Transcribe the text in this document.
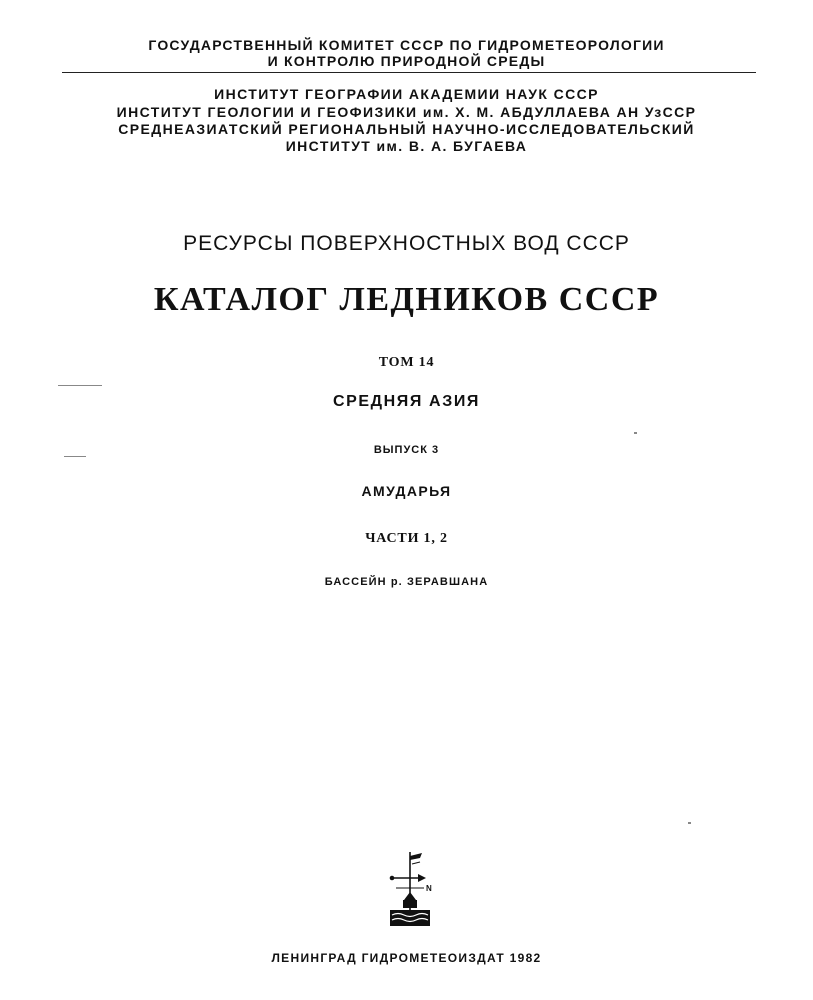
ГОСУДАРСТВЕННЫЙ КОМИТЕТ СССР ПО ГИДРОМЕТЕОРОЛОГИИ

И КОНТРОЛЮ ПРИРОДНОЙ СРЕДЫ

ИНСТИТУТ ГЕОГРАФИИ АКАДЕМИИ НАУК СССР

ИНСТИТУТ ГЕОЛОГИИ И ГЕОФИЗИКИ им. Х. М. АБДУЛЛАЕВА АН УзССР

СРЕДНЕАЗИАТСКИЙ РЕГИОНАЛЬНЫЙ НАУЧНО-ИССЛЕДОВАТЕЛЬСКИЙ

ИНСТИТУТ им. В. А. БУГАЕВА

РЕСУРСЫ ПОВЕРХНОСТНЫХ ВОД СССР

КАТАЛОГ ЛЕДНИКОВ СССР

ТОМ 14

СРЕДНЯЯ АЗИЯ

ВЫПУСК 3

АМУДАРЬЯ

ЧАСТИ 1, 2

БАССЕЙН р. ЗЕРАВШАНА

N

ЛЕНИНГРАД ГИДРОМЕТЕОИЗДАТ 1982
